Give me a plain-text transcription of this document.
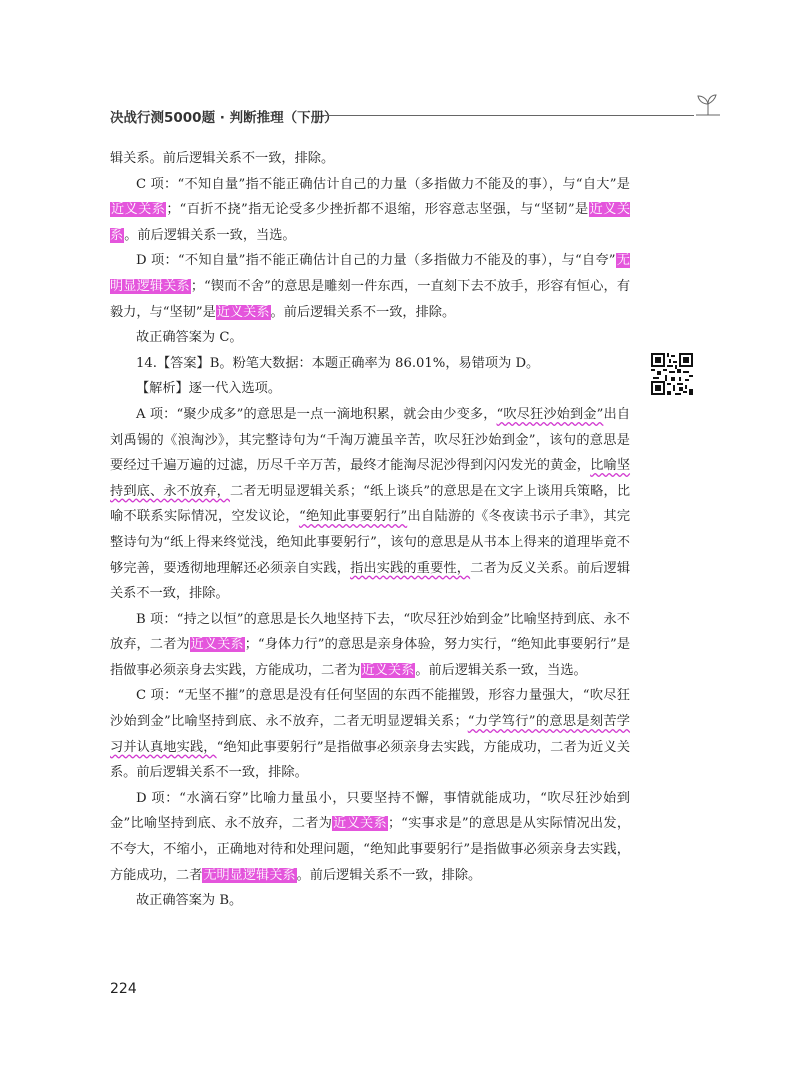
决战行测5000题 · 判断推理（下册）

辑关系。前后逻辑关系不一致，排除。

C 项：“不知自量”指不能正确估计自己的力量（多指做力不能及的事），与“自大”是近义关系；“百折不挠”指无论受多少挫折都不退缩，形容意志坚强，与“坚韧”是近义关系。前后逻辑关系一致，当选。

D 项：“不知自量”指不能正确估计自己的力量（多指做力不能及的事），与“自夸”无明显逻辑关系；“锲而不舍”的意思是雕刻一件东西，一直刻下去不放手，形容有恒心，有毅力，与“坚韧”是近义关系。前后逻辑关系不一致，排除。

故正确答案为 C。

14.【答案】B。粉笔大数据：本题正确率为 86.01%，易错项为 D。

【解析】逐一代入选项。

A 项：“聚少成多”的意思是一点一滴地积累，就会由少变多，“吹尽狂沙始到金”出自刘禹锡的《浪淘沙》，其完整诗句为“千淘万漉虽辛苦，吹尽狂沙始到金”，该句的意思是要经过千遍万遍的过滤，历尽千辛万苦，最终才能淘尽泥沙得到闪闪发光的黄金，比喻坚持到底、永不放弃，二者无明显逻辑关系；“纸上谈兵”的意思是在文字上谈用兵策略，比喻不联系实际情况，空发议论，“绝知此事要躬行”出自陆游的《冬夜读书示子聿》，其完整诗句为“纸上得来终觉浅，绝知此事要躬行”，该句的意思是从书本上得来的道理毕竟不够完善，要透彻地理解还必须亲自实践，指出实践的重要性，二者为反义关系。前后逻辑关系不一致，排除。

B 项：“持之以恒”的意思是长久地坚持下去，“吹尽狂沙始到金”比喻坚持到底、永不放弃，二者为近义关系；“身体力行”的意思是亲身体验，努力实行，“绝知此事要躬行”是指做事必须亲身去实践，方能成功，二者为近义关系。前后逻辑关系一致，当选。

C 项：“无坚不摧”的意思是没有任何坚固的东西不能摧毁，形容力量强大，“吹尽狂沙始到金”比喻坚持到底、永不放弃，二者无明显逻辑关系；“力学笃行”的意思是刻苦学习并认真地实践，“绝知此事要躬行”是指做事必须亲身去实践，方能成功，二者为近义关系。前后逻辑关系不一致，排除。

D 项：“水滴石穿”比喻力量虽小，只要坚持不懈，事情就能成功，“吹尽狂沙始到金”比喻坚持到底、永不放弃，二者为近义关系；“实事求是”的意思是从实际情况出发，不夸大，不缩小，正确地对待和处理问题，“绝知此事要躬行”是指做事必须亲身去实践，方能成功，二者无明显逻辑关系。前后逻辑关系不一致，排除。

故正确答案为 B。

224
